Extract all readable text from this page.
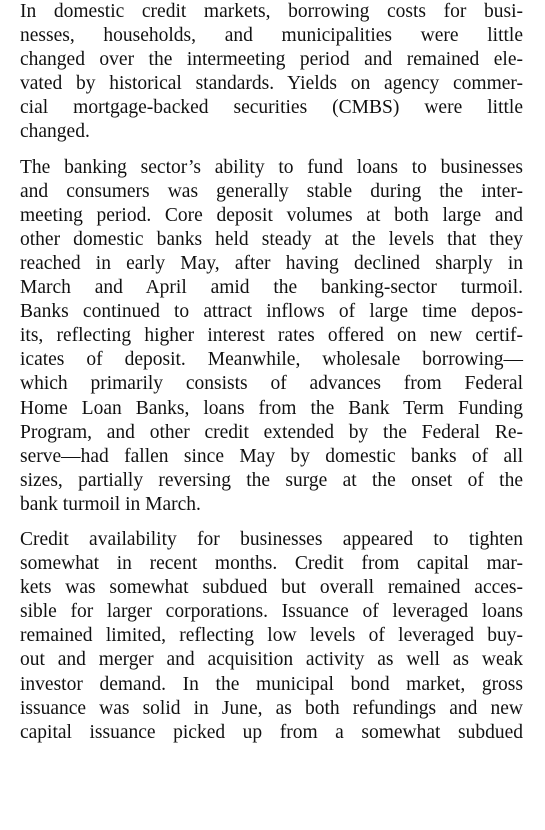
In domestic credit markets, borrowing costs for busi-
nesses, households, and municipalities were little
changed over the intermeeting period and remained ele-
vated by historical standards. Yields on agency commer-
cial mortgage-backed securities (CMBS) were little
changed.

The banking sector’s ability to fund loans to businesses
and consumers was generally stable during the inter-
meeting period. Core deposit volumes at both large and
other domestic banks held steady at the levels that they
reached in early May, after having declined sharply in
March and April amid the banking-sector turmoil.
Banks continued to attract inflows of large time depos-
its, reflecting higher interest rates offered on new certif-
icates of deposit. Meanwhile, wholesale borrowing—
which primarily consists of advances from Federal
Home Loan Banks, loans from the Bank Term Funding
Program, and other credit extended by the Federal Re-
serve—had fallen since May by domestic banks of all
sizes, partially reversing the surge at the onset of the
bank turmoil in March.

Credit availability for businesses appeared to tighten
somewhat in recent months. Credit from capital mar-
kets was somewhat subdued but overall remained acces-
sible for larger corporations. Issuance of leveraged loans
remained limited, reflecting low levels of leveraged buy-
out and merger and acquisition activity as well as weak
investor demand. In the municipal bond market, gross
issuance was solid in June, as both refundings and new
capital issuance picked up from a somewhat subdued
